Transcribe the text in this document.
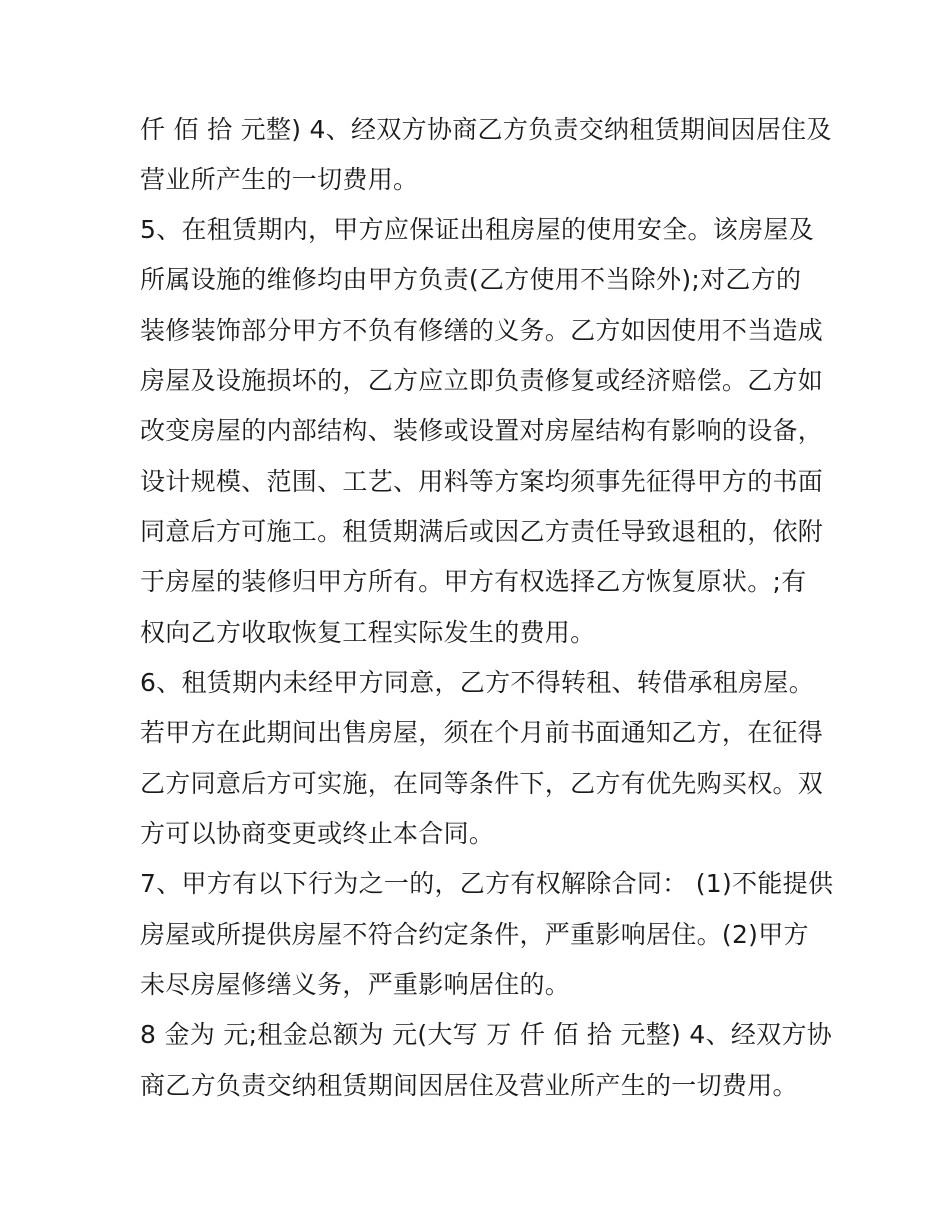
仟 佰 拾 元整) 4、经双方协商乙方负责交纳租赁期间因居住及
营业所产生的一切费用。
5、在租赁期内，甲方应保证出租房屋的使用安全。该房屋及
所属设施的维修均由甲方负责(乙方使用不当除外);对乙方的
装修装饰部分甲方不负有修缮的义务。乙方如因使用不当造成
房屋及设施损坏的，乙方应立即负责修复或经济赔偿。乙方如
改变房屋的内部结构、装修或设置对房屋结构有影响的设备，
设计规模、范围、工艺、用料等方案均须事先征得甲方的书面
同意后方可施工。租赁期满后或因乙方责任导致退租的，依附
于房屋的装修归甲方所有。甲方有权选择乙方恢复原状。;有
权向乙方收取恢复工程实际发生的费用。
6、租赁期内未经甲方同意，乙方不得转租、转借承租房屋。
若甲方在此期间出售房屋，须在个月前书面通知乙方，在征得
乙方同意后方可实施，在同等条件下，乙方有优先购买权。双
方可以协商变更或终止本合同。
7、甲方有以下行为之一的，乙方有权解除合同： (1)不能提供
房屋或所提供房屋不符合约定条件，严重影响居住。(2)甲方
未尽房屋修缮义务，严重影响居住的。
8 金为 元;租金总额为 元(大写 万 仟 佰 拾 元整) 4、经双方协
商乙方负责交纳租赁期间因居住及营业所产生的一切费用。
